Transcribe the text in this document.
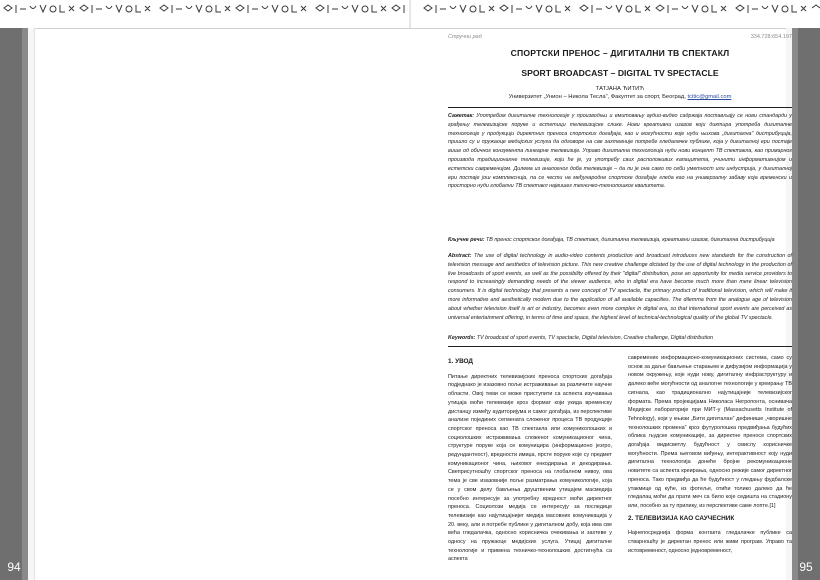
94	95
Стручни рад	334.728:654.197
СПОРТСКИ ПРЕНОС – ДИГИТАЛНИ ТВ СПЕКТАКЛ
SPORT BROADCAST – DIGITAL TV SPECTACLE
ТАТЈАНА ЋИТИЋ
Универзитет „Унион – Никола Тесла”, Факултет за спорт, Београд, tcitic@gmail.com
Сажетак: Употребом дигиталне технологије у производњи и емитовању аудио-видео садржаја постављају се нови стандарди у грађењу телевизијске поруке и естетици телевизијске слике. Нови креативни изазов који диктира употреба дигиталне технологије у продукцији директних преноса спортских догађаја, као и могућности које нуди њихова „дигитална” дистрибуција, пришло су и пружаоце медијских услуга да одговоре на све захтевније потребе гледалачке публике, која у дигиталној ери постаје више од обичног конзумента линеарне телевизије. Управо дигитална технологија нуди нови концепт ТВ спектакла, као примарног производа традиционалне телевизије, који ће је, уз употребу свих расположивих капацитета, учинити информативнијом и естетски савременијом. Дилема из аналогног доба телевизије – да ли је она само по себи уметност или индустрија, у дигиталној ери постаје још комплекснија, па се чести на међународне спортске догађаје гледа као на универзалну забаву која временски и просторно нуди глобални ТВ спектакл највишег техничко-технолошког квалитета.
Кључне речи: ТВ пренос спортског догађаја, ТВ спектакл, дигитална телевизија, креативни изазов, дигитална дистрибуција
Abstract: The use of digital technology in audio-video contents production and broadcast introduces new standards for the construction of television message and aesthetics of television picture. This new creative challenge dictated by the use of digital technology in the production of live broadcasts of sport events, as well as the possibility offered by their "digital" distribution, pose an opportunity for media service providers to respond to increasingly demanding needs of the viewer audience, who in digital era have become much more than mere linear television consumers. It is digital technology that presents a new concept of TV spectacle, the primary product of traditional television, which will make it more informative and aesthetically modern due to the application of all available capacities. The dilemma from the analogue age of television about whether television itself is art or industry, becomes even more complex in digital era, so that international sport events are perceived as universal entertainment offering, in terms of time and space, the highest level of technical-technological quality of the global TV spectacle.
Keywords: TV broadcast of sport events, TV spectacle, Digital television, Creative challenge, Digital distribution
1. УВОД

Питање директних телевизијских преноса спортских догађаја подједнако је изазовно поље истраживање за различите научне области. Овој теми се може приступити са аспекта изучавања утицаја моћи телевизије кроз формат који укида временску дистанцу између аудиторијума и самог догађаја, из перспективе анализе појединих сегмената сложеног процеса ТВ продукције спортског преноса као ТВ спектакла или комуниколошких и социолошких истраживања сложеног комуникационог чина, структуре поруке која се комуницира (информационо језгро, редундантност), вредности имиџа, ярсте поруке које су предмет комуникационог чина, њиховог енкодирања и декодирања. Свеприсутношћу спортског преноса на глобалном нивоу, ова тема је све изазовније поље разматрања комуникологије, која се у свом делу бављења друштвеним утицајем масмедија посебно интересује за употребну вредност моћи директног преноса. Социолози медија се интересују за последице телевизије као најутицајнијег медија масовних комуникација у 20. веку, али и потребе публике у дигиталном добу, која има све већа гледалачка, односно корисничка очекивања и захтеве у односу на пружаоце медијских услуга. Утицај дигиталне технологије и примена техничко-технолошких достигнућа са аспекта

савремених информационо-комуникационих система, само су основ за даље бављење старањем и дифузијом информација у новом окружењу, које нуди нову, дигиталну инфраструктуру и далеко веће могућности од аналогне технологије у креирању ТВ сигнала, као традиционално најутицајније телевизијског формата. Према пројекцијама Николаса Негропонта, оснивача Медијске лабораторије при МИТ-у (Massachusetts Institute of Tehnology), који у књизи „Бити дигиталан” дефинише „чворишне технолошких промена” кроз футуролошка предвиђања будућих облика људске комуникације, за директне преносе спортских догађаја видисветлу будућност у смислу корисничке могућности. Према његовом виђењу, интерактивност коју нуди дигитална технологија донеће бројне рекомуникационе новитете са аспекта креирања, односно режије самог директног преноса. Тако предвиђа да ће будућност у гледању фудбалске утакмице од куће, из фотеље, отићи толико далеко да ће гледалац моћи да прати меч са било које седишта на стадиону или, посебно за ту прилику, из перспективе саме лопте.[1]

2. ТЕЛЕВИЗИЈА КАО САУЧЕСНИК

Најнепосреднија форма контакта гледалачке публике са стварношћу је директан пренос или живи програм. Управо та истовременост, односно једновременост,
